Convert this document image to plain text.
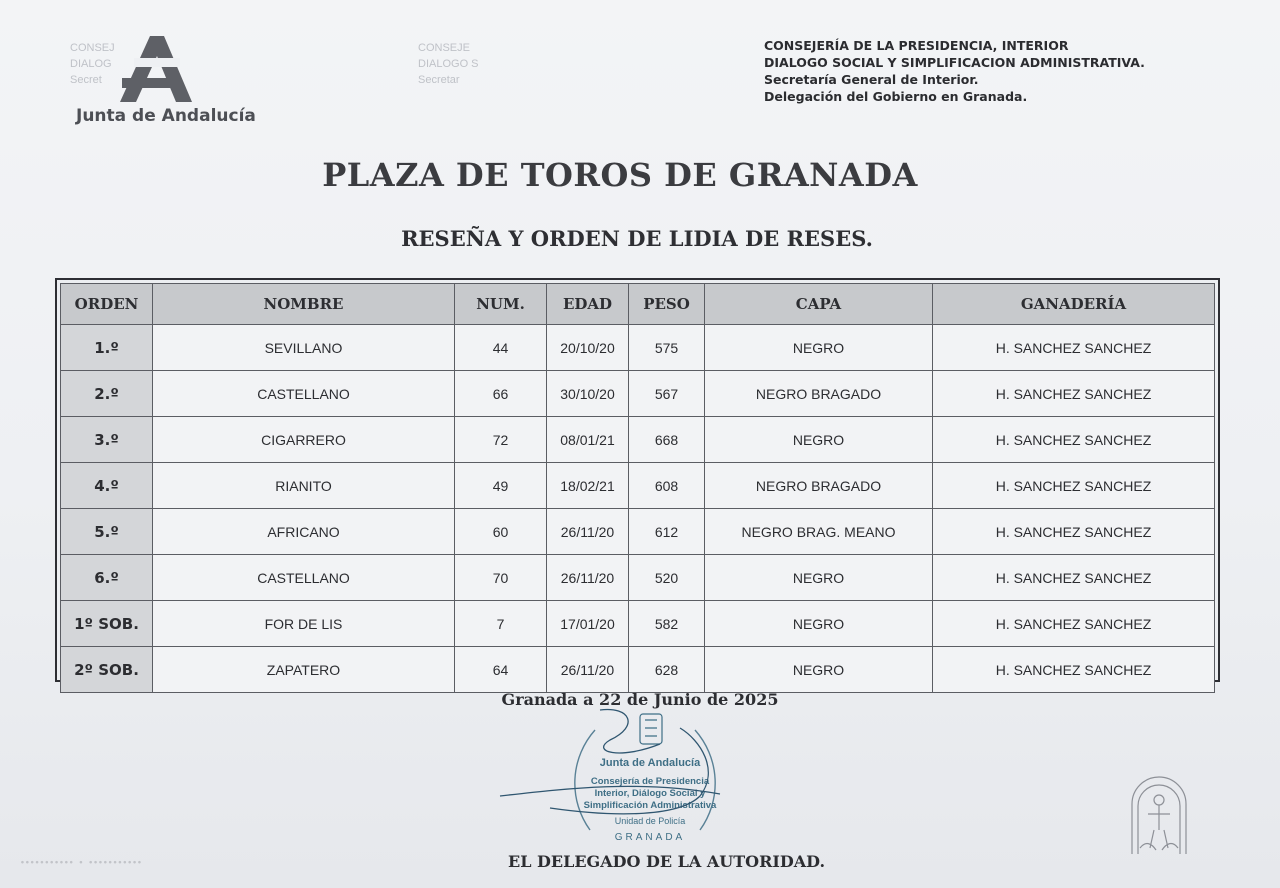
CONSEJ
DIALOG
Secret
CONSEJE
DIALOGO S
Secretar
Junta de Andalucía
CONSEJERÍA DE LA PRESIDENCIA, INTERIOR
DIALOGO SOCIAL Y SIMPLIFICACION ADMINISTRATIVA.
Secretaría General de Interior.
Delegación del Gobierno en Granada.
PLAZA DE TOROS DE GRANADA
RESEÑA Y ORDEN DE LIDIA DE RESES.
ORDEN	NOMBRE	NUM.	EDAD	PESO	CAPA	GANADERÍA
1.º	SEVILLANO	44	20/10/20	575	NEGRO	H. SANCHEZ SANCHEZ
2.º	CASTELLANO	66	30/10/20	567	NEGRO BRAGADO	H. SANCHEZ SANCHEZ
3.º	CIGARRERO	72	08/01/21	668	NEGRO	H. SANCHEZ SANCHEZ
4.º	RIANITO	49	18/02/21	608	NEGRO BRAGADO	H. SANCHEZ SANCHEZ
5.º	AFRICANO	60	26/11/20	612	NEGRO BRAG. MEANO	H. SANCHEZ SANCHEZ
6.º	CASTELLANO	70	26/11/20	520	NEGRO	H. SANCHEZ SANCHEZ
1º SOB.	FOR DE LIS	7	17/01/20	582	NEGRO	H. SANCHEZ SANCHEZ
2º SOB.	ZAPATERO	64	26/11/20	628	NEGRO	H. SANCHEZ SANCHEZ
Granada a 22 de Junio de 2025
Junta de Andalucía
Consejería de Presidencia
Interior, Diálogo Social y
Simplificación Administrativa
Unidad de Policía
GRANADA
··········· · ···········	EL DELEGADO DE LA AUTORIDAD.
